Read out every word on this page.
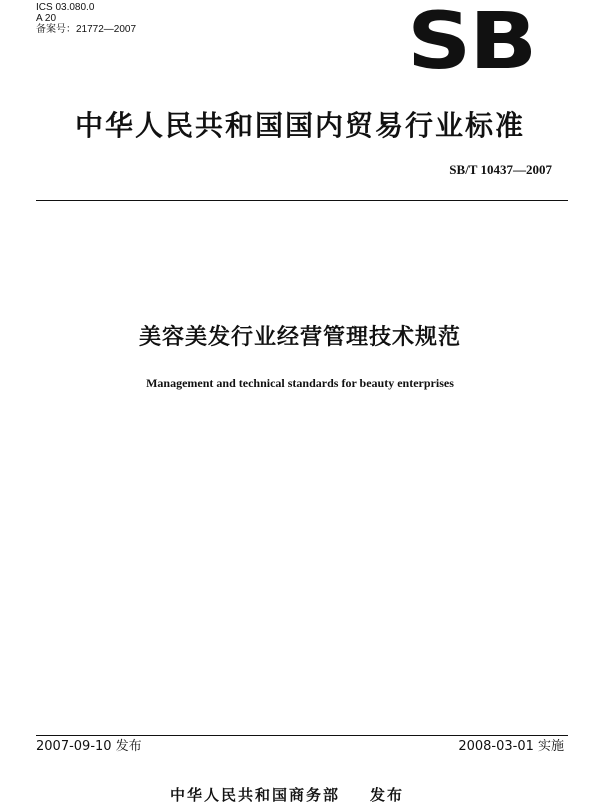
ICS 03.080.0
A 20
备案号：21772—2007	SB
中华人民共和国国内贸易行业标准
SB/T 10437—2007
美容美发行业经营管理技术规范
Management and technical standards for beauty enterprises
2007-09-10 发布	2008-03-01 实施
中华人民共和国商务部 发布
